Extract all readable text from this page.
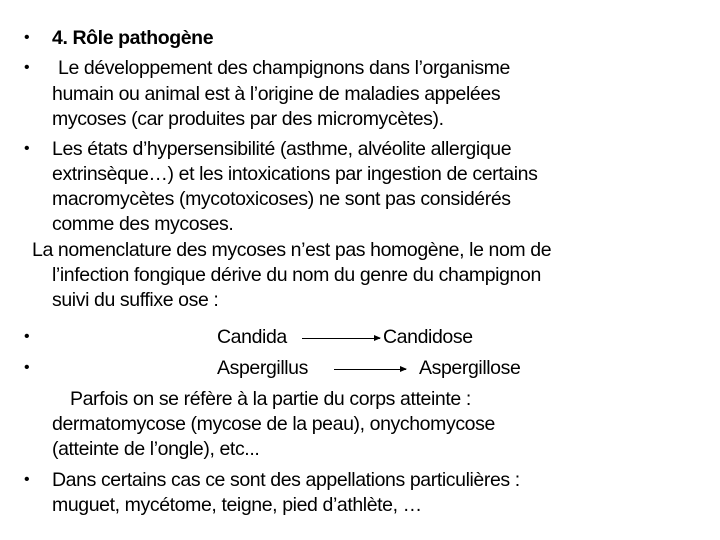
• 4. Rôle pathogène
• Le développement des champignons dans l’organisme
humain ou animal est à l’origine de maladies appelées
mycoses (car produites par des micromycètes).
• Les états d’hypersensibilité (asthme, alvéolite allergique
extrinsèque…) et les intoxications par ingestion de certains
macromycètes (mycotoxicoses) ne sont pas considérés
comme des mycoses.
La nomenclature des mycoses n’est pas homogène, le nom de
l’infection fongique dérive du nom du genre du champignon
suivi du suffixe ose :
•	Candida	Candidose
•	Aspergillus	Aspergillose
Parfois on se réfère à la partie du corps atteinte :
dermatomycose (mycose de la peau), onychomycose
(atteinte de l’ongle), etc...
• Dans certains cas ce sont des appellations particulières :
muguet, mycétome, teigne, pied d’athlète, …
